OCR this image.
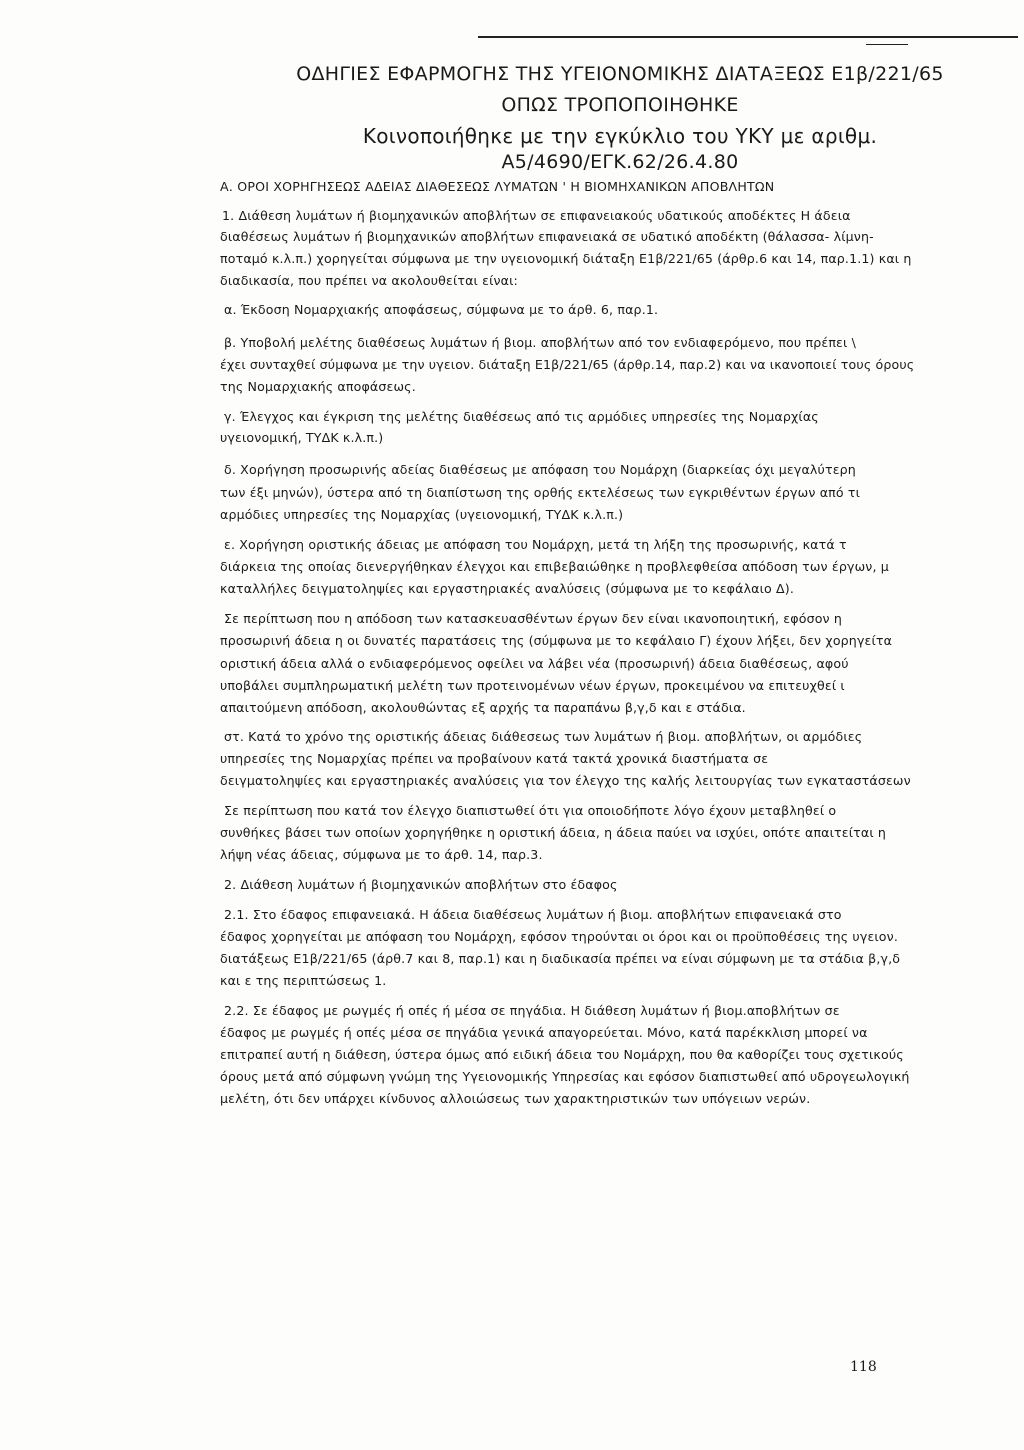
ΟΔΗΓΙΕΣ ΕΦΑΡΜΟΓΗΣ ΤΗΣ ΥΓΕΙΟΝΟΜΙΚΗΣ ΔΙΑΤΑΞΕΩΣ Ε1β/221/65
ΟΠΩΣ ΤΡΟΠΟΠΟΙΗΘΗΚΕ
Κοινοποιήθηκε με την εγκύκλιο του ΥΚΥ με αριθμ.
Α5/4690/ΕΓΚ.62/26.4.80
Α. ΟΡΟΙ ΧΟΡΗΓΗΣΕΩΣ ΑΔΕΙΑΣ ΔΙΑΘΕΣΕΩΣ ΛΥΜΑΤΩΝ ' Η ΒΙΟΜΗΧΑΝΙΚΩΝ ΑΠΟΒΛΗΤΩΝ
1. Διάθεση λυμάτων ή βιομηχανικών αποβλήτων σε επιφανειακούς υδατικούς αποδέκτες Η άδεια
διαθέσεως λυμάτων ή βιομηχανικών αποβλήτων επιφανειακά σε υδατικό αποδέκτη (θάλασσα- λίμνη-
ποταμό κ.λ.π.) χορηγείται σύμφωνα με την υγειονομική διάταξη Ε1β/221/65 (άρθρ.6 και 14, παρ.1.1) και η
διαδικασία, που πρέπει να ακολουθείται είναι:
α. Έκδοση Νομαρχιακής αποφάσεως, σύμφωνα με το άρθ. 6, παρ.1.
β. Υποβολή μελέτης διαθέσεως λυμάτων ή βιομ. αποβλήτων από τον ενδιαφερόμενο, που πρέπει \
έχει συνταχθεί σύμφωνα με την υγειον. διάταξη Ε1β/221/65 (άρθρ.14, παρ.2) και να ικανοποιεί τους όρους
της Νομαρχιακής αποφάσεως.
γ. Έλεγχος και έγκριση της μελέτης διαθέσεως από τις αρμόδιες υπηρεσίες της Νομαρχίας
υγειονομική, ΤΥΔΚ κ.λ.π.)
δ. Χορήγηση προσωρινής αδείας διαθέσεως με απόφαση του Νομάρχη (διαρκείας όχι μεγαλύτερη
των έξι μηνών), ύστερα από τη διαπίστωση της ορθής εκτελέσεως των εγκριθέντων έργων από τι
αρμόδιες υπηρεσίες της Νομαρχίας (υγειονομική, ΤΥΔΚ κ.λ.π.)
ε. Χορήγηση οριστικής άδειας με απόφαση του Νομάρχη, μετά τη λήξη της προσωρινής, κατά τ
διάρκεια της οποίας διενεργήθηκαν έλεγχοι και επιβεβαιώθηκε η προβλεφθείσα απόδοση των έργων, μ
καταλλήλες δειγματοληψίες και εργαστηριακές αναλύσεις (σύμφωνα με το κεφάλαιο Δ).
Σε περίπτωση που η απόδοση των κατασκευασθέντων έργων δεν είναι ικανοποιητική, εφόσον η
προσωρινή άδεια η οι δυνατές παρατάσεις της (σύμφωνα με το κεφάλαιο Γ) έχουν λήξει, δεν χορηγείτα
οριστική άδεια αλλά ο ενδιαφερόμενος οφείλει να λάβει νέα (προσωρινή) άδεια διαθέσεως, αφού
υποβάλει συμπληρωματική μελέτη των προτεινομένων νέων έργων, προκειμένου να επιτευχθεί ι
απαιτούμενη απόδοση, ακολουθώντας εξ αρχής τα παραπάνω β,γ,δ και ε στάδια.
στ. Κατά το χρόνο της οριστικής άδειας διάθεσεως των λυμάτων ή βιομ. αποβλήτων, οι αρμόδιες
υπηρεσίες της Νομαρχίας πρέπει να προβαίνουν κατά τακτά χρονικά διαστήματα σε
δειγματοληψίες και εργαστηριακές αναλύσεις για τον έλεγχο της καλής λειτουργίας των εγκαταστάσεων
Σε περίπτωση που κατά τον έλεγχο διαπιστωθεί ότι για οποιοδήποτε λόγο έχουν μεταβληθεί ο
συνθήκες βάσει των οποίων χορηγήθηκε η οριστική άδεια, η άδεια παύει να ισχύει, οπότε απαιτείται η
λήψη νέας άδειας, σύμφωνα με το άρθ. 14, παρ.3.
2. Διάθεση λυμάτων ή βιομηχανικών αποβλήτων στο έδαφος
2.1. Στο έδαφος επιφανειακά. Η άδεια διαθέσεως λυμάτων ή βιομ. αποβλήτων επιφανειακά στο
έδαφος χορηγείται με απόφαση του Νομάρχη, εφόσον τηρούνται οι όροι και οι προϋποθέσεις της υγειον.
διατάξεως Ε1β/221/65 (άρθ.7 και 8, παρ.1) και η διαδικασία πρέπει να είναι σύμφωνη με τα στάδια β,γ,δ
και ε της περιπτώσεως 1.
2.2. Σε έδαφος με ρωγμές ή οπές ή μέσα σε πηγάδια. Η διάθεση λυμάτων ή βιομ.αποβλήτων σε
έδαφος με ρωγμές ή οπές μέσα σε πηγάδια γενικά απαγορεύεται. Μόνο, κατά παρέκκλιση μπορεί να
επιτραπεί αυτή η διάθεση, ύστερα όμως από ειδική άδεια του Νομάρχη, που θα καθορίζει τους σχετικούς
όρους μετά από σύμφωνη γνώμη της Υγειονομικής Υπηρεσίας και εφόσον διαπιστωθεί από υδρογεωλογική
μελέτη, ότι δεν υπάρχει κίνδυνος αλλοιώσεως των χαρακτηριστικών των υπόγειων νερών.
118
